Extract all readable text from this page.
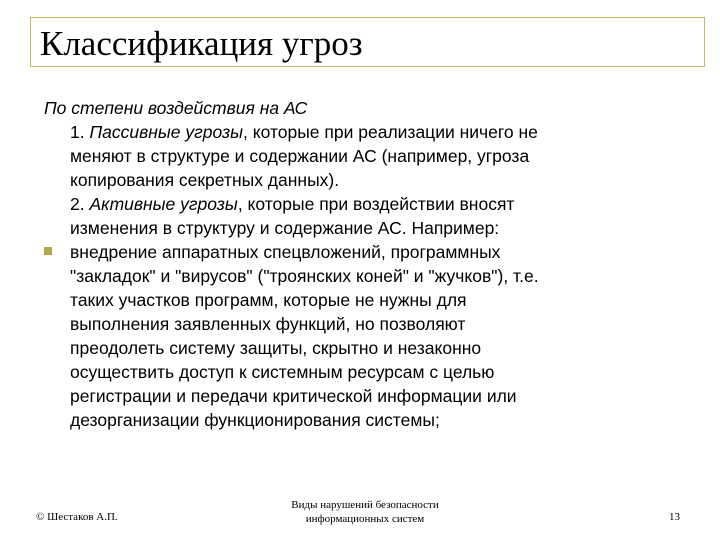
Классификация угроз
По степени воздействия на АС
1. Пассивные угрозы, которые при реализации ничего не
меняют в структуре и содержании АС (например, угроза
копирования секретных данных).
2. Активные угрозы, которые при воздействии вносят
изменения в структуру и содержание АС. Например:
внедрение аппаратных спецвложений, программных
"закладок" и "вирусов" ("троянских коней" и "жучков"), т.е.
таких участков программ, которые не нужны для
выполнения заявленных функций, но позволяют
преодолеть систему защиты, скрытно и незаконно
осуществить доступ к системным ресурсам с целью
регистрации и передачи критической информации или
дезорганизации функционирования системы;
© Шестаков А.П.
Виды нарушений безопасности
информационных систем	13
